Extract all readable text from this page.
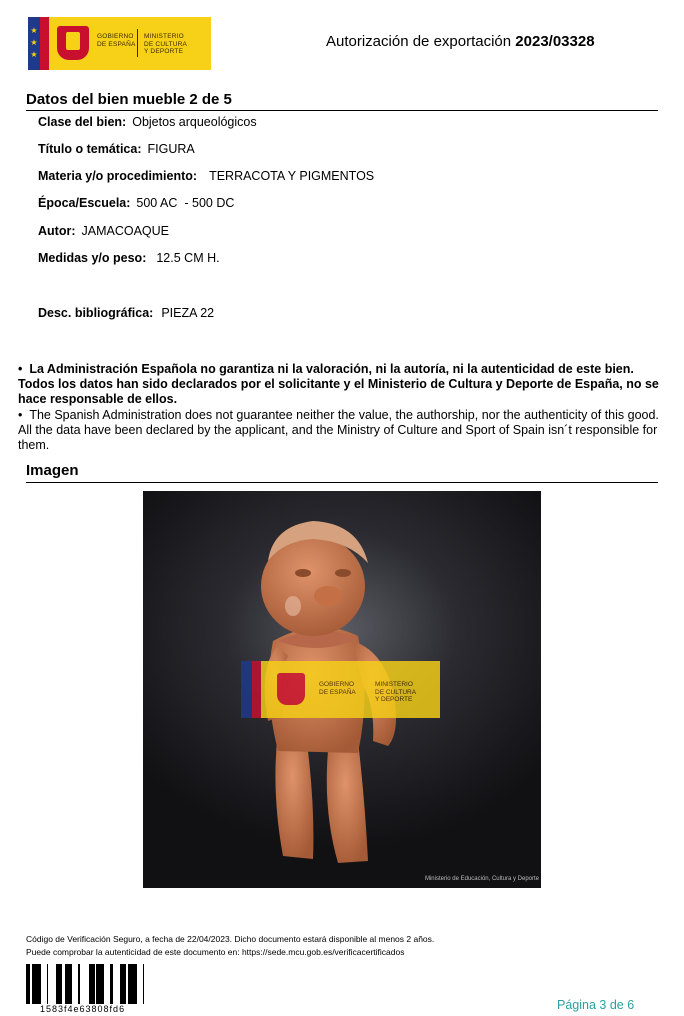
★
★
★
GOBIERNO
DE ESPAÑA
MINISTERIO
DE CULTURA
Y DEPORTE
Autorización de exportación 2023/03328
Datos del bien mueble 2 de 5
Clase del bien: Objetos arqueológicos
Título o temática: FIGURA
Materia y/o procedimiento: TERRACOTA Y PIGMENTOS
Época/Escuela: 500 AC  - 500 DC
Autor: JAMACOAQUE
Medidas y/o peso: 12.5 CM H.
Desc. bibliográfica: PIEZA 22
•  La Administración Española no garantiza ni la valoración, ni la autoría, ni la autenticidad de este bien. Todos los datos han sido declarados por el solicitante y el Ministerio de Cultura y Deporte de España, no se hace responsable de ellos.
•  The Spanish Administration does not guarantee neither the value, the authorship, nor the authenticity of this good. All the data have been declared by the applicant, and the Ministry of Culture and Sport of Spain isn´t responsible for them.
Imagen
GOBIERNO
DE ESPAÑA
MINISTERIO
DE CULTURA
Y DEPORTE
Ministerio de Educación, Cultura y Deporte
Código de Verificación Seguro, a fecha de 22/04/2023. Dicho documento estará disponible al menos 2 años.
Puede comprobar la autenticidad de este documento en: https://sede.mcu.gob.es/verificacertificados
1583f4e63808fd6	Página 3 de 6
